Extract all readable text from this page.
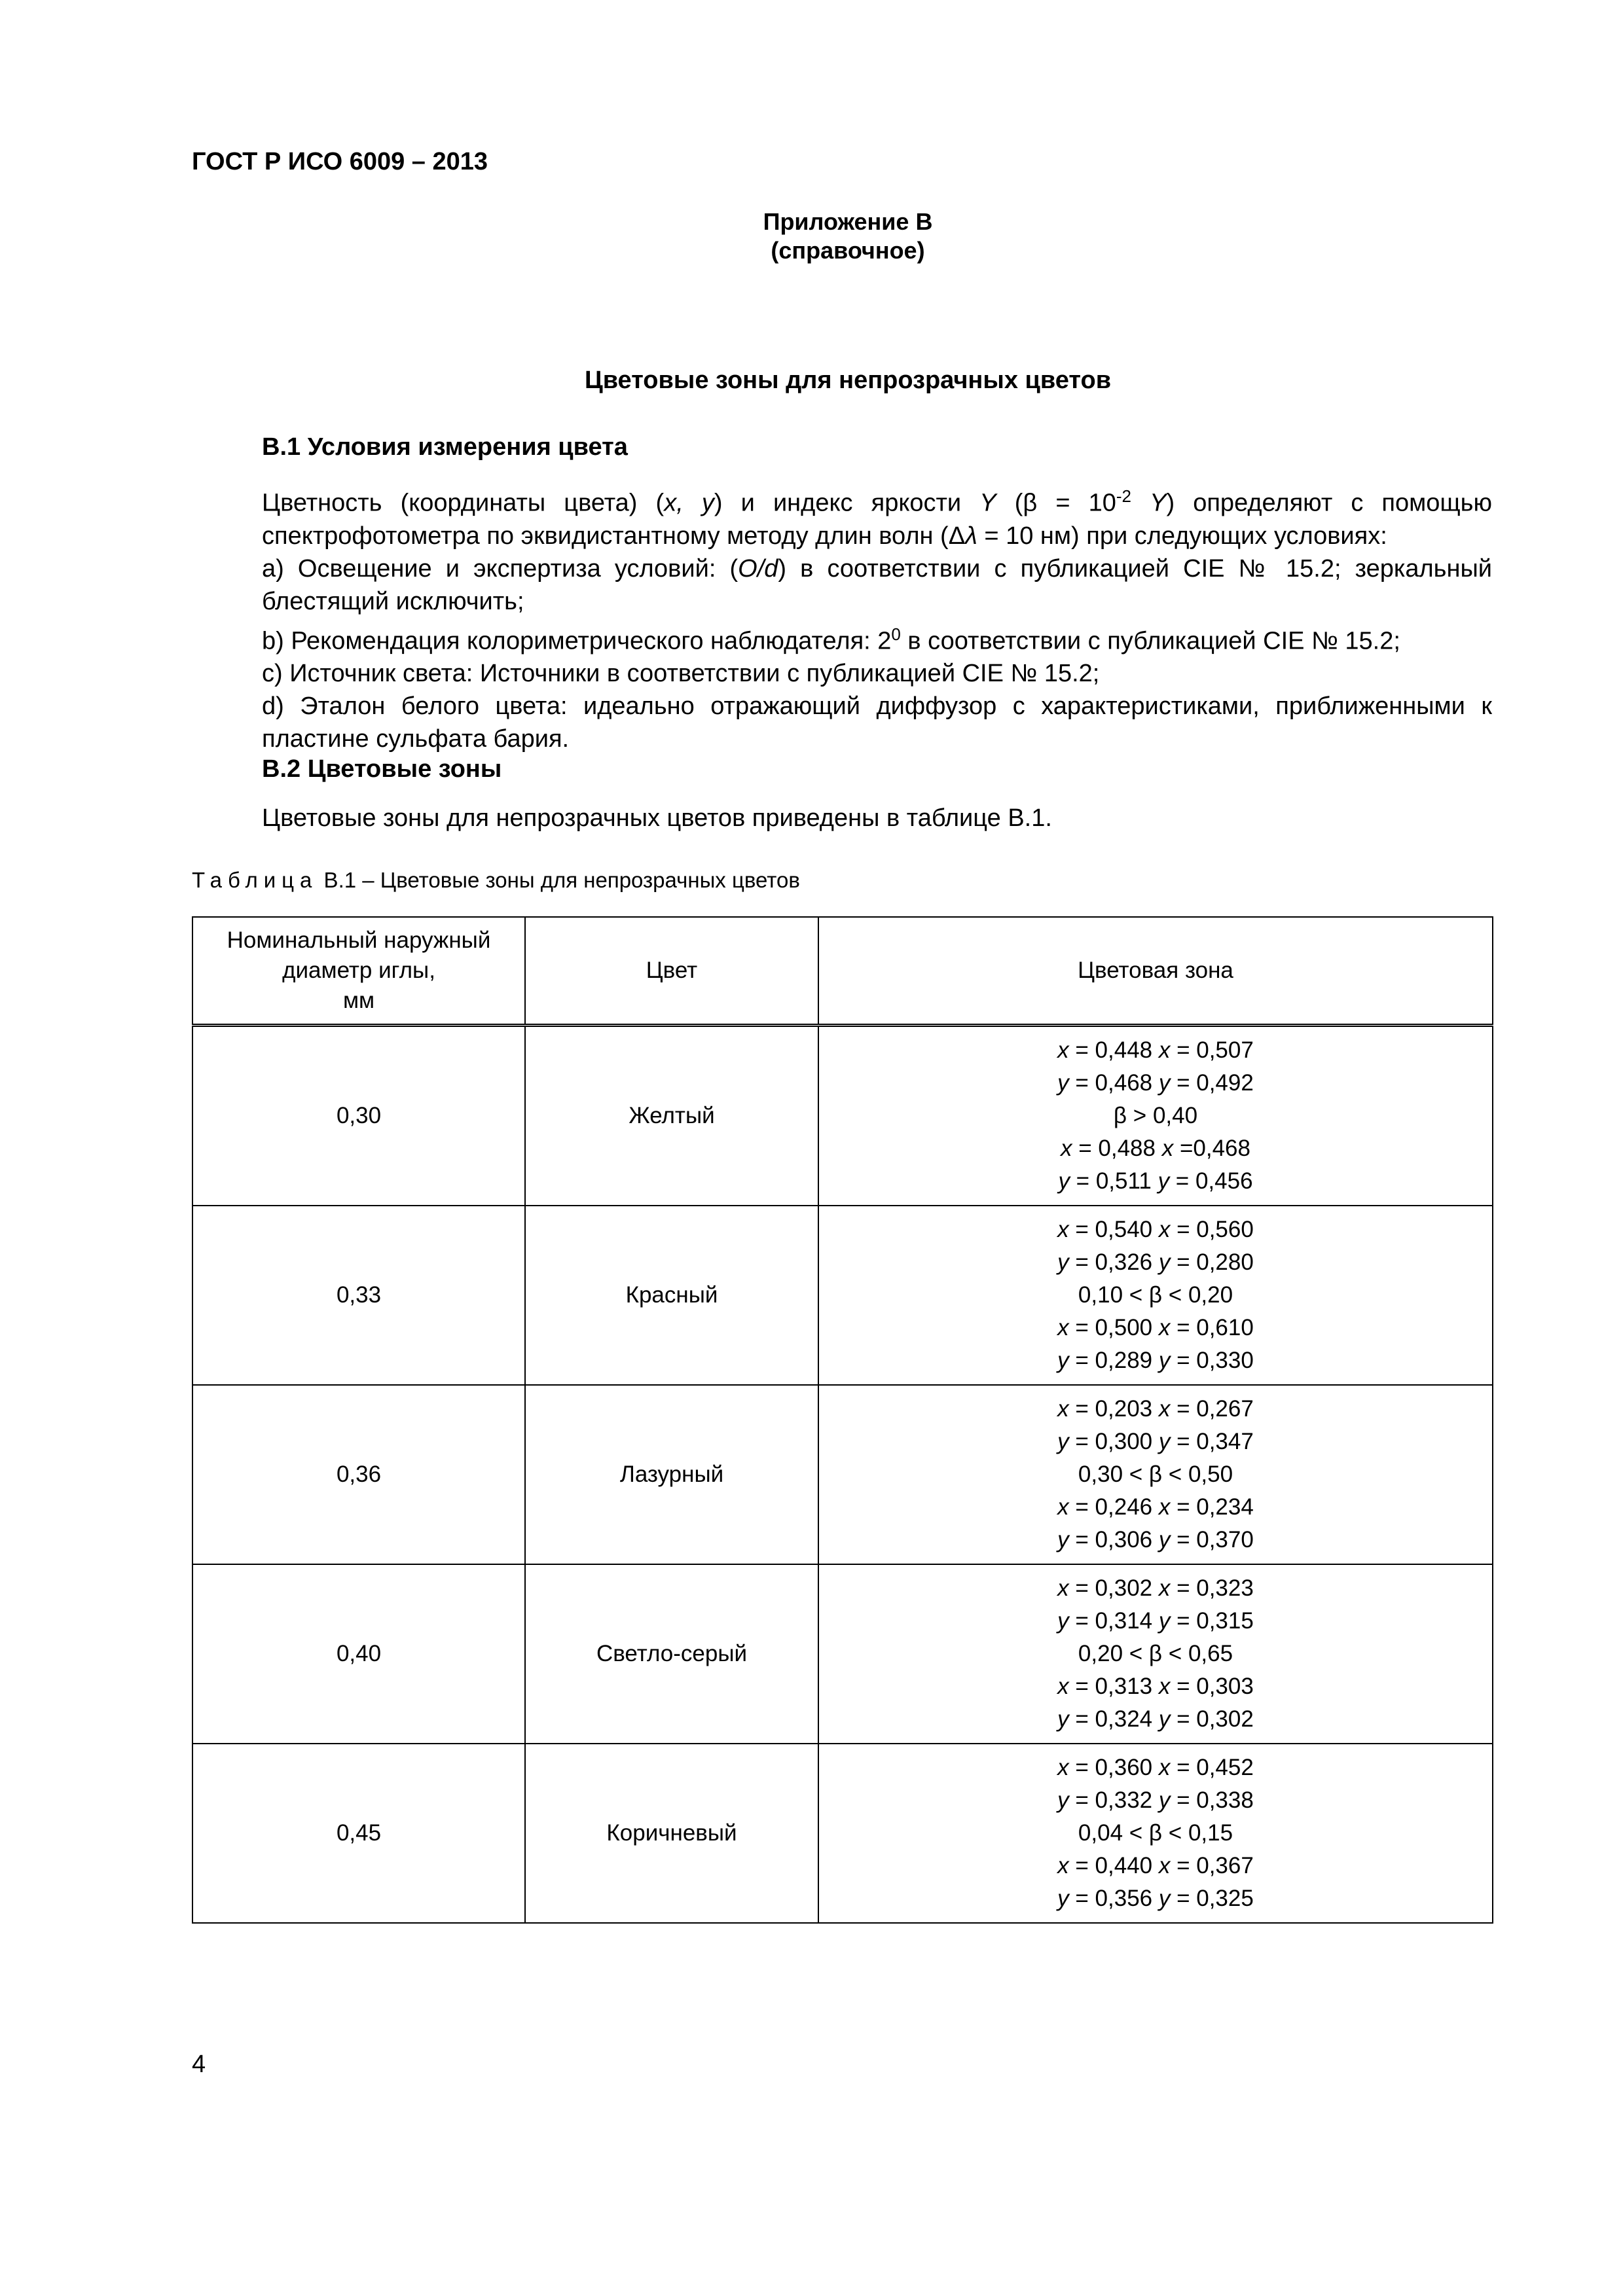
ГОСТ Р ИСО 6009 – 2013
Приложение В
(справочное)
Цветовые зоны для непрозрачных цветов
В.1 Условия измерения цвета

Цветность (координаты цвета) (x, y) и индекс яркости Y ($\beta = 10^{-2}$ Y) определяют с помощью спектрофотометра по эквидистантному методу длин волн (Δλ = 10 нм) при следующих условиях:

а) Освещение и экспертиза условий: (O/d) в соответствии с публикацией CIE № 15.2; зеркальный блестящий исключить;

b) Рекомендация колориметрического наблюдателя: $2^0$ в соответствии с публикацией CIE № 15.2;

c) Источник света: Источники в соответствии с публикацией CIE № 15.2;

d) Эталон белого цвета: идеально отражающий диффузор с характеристиками, приближенными к пластине сульфата бария.

В.2 Цветовые зоны

Цветовые зоны для непрозрачных цветов приведены в таблице В.1.

Таблица В.1 – Цветовые зоны для непрозрачных цветов
Номинальный наружный
диаметр иглы,
мм	Цвет	Цветовая зона
0,30	Желтый	x = 0,448 x = 0,507
y = 0,468 y = 0,492
β > 0,40
x = 0,488 x =0,468
y = 0,511 y = 0,456

0,33	Красный	x = 0,540 x = 0,560
y = 0,326 y = 0,280
0,10 < β < 0,20
x = 0,500 x = 0,610
y = 0,289 y = 0,330

0,36	Лазурный	x = 0,203 x = 0,267
y = 0,300 y = 0,347
0,30 < β < 0,50
x = 0,246 x = 0,234
y = 0,306 y = 0,370

0,40	Светло-серый	x = 0,302 x = 0,323
y = 0,314 y = 0,315
0,20 < β < 0,65
x = 0,313 x = 0,303
y = 0,324 y = 0,302

0,45	Коричневый	x = 0,360 x = 0,452
y = 0,332 y = 0,338
0,04 < β < 0,15
x = 0,440 x = 0,367
y = 0,356 y = 0,325
4
